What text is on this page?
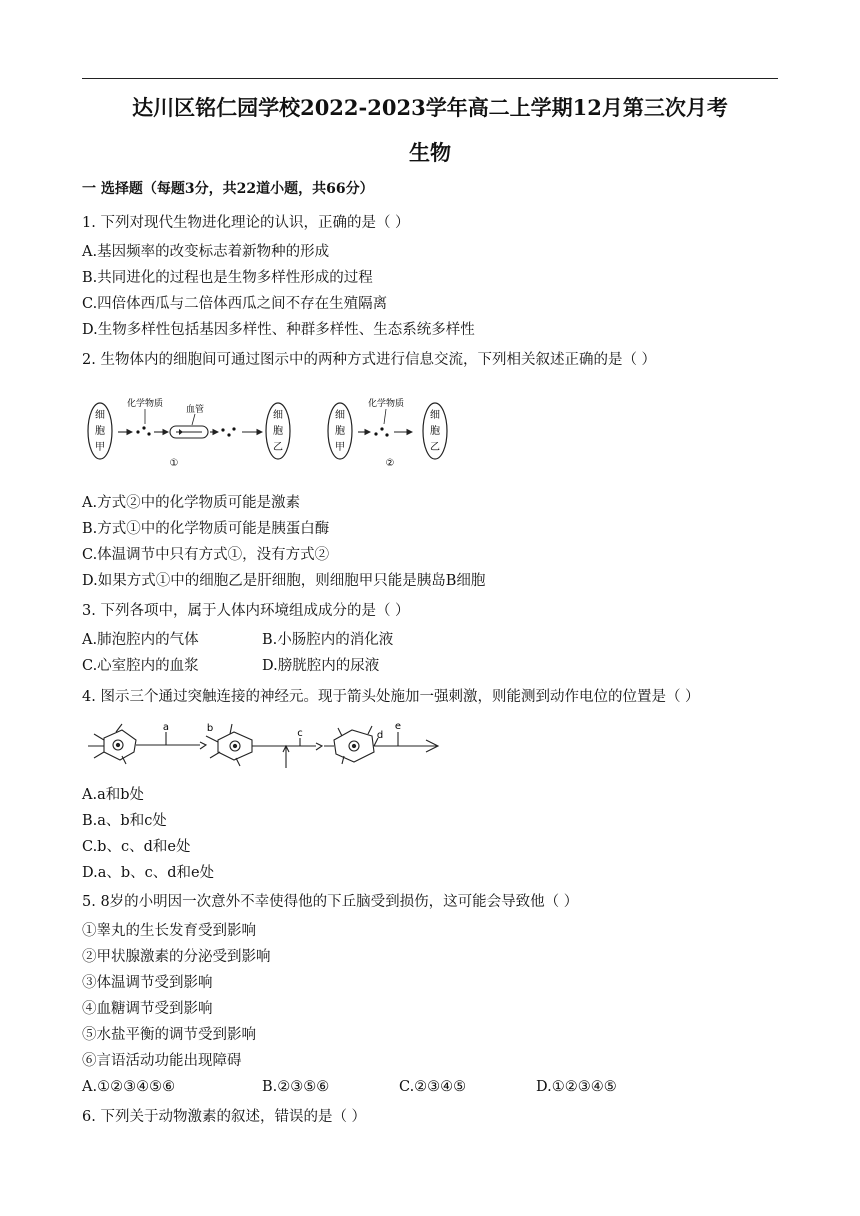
达川区铭仁园学校2022-2023学年高二上学期12月第三次月考
生物
一 选择题（每题3分，共22道小题，共66分）
1. 下列对现代生物进化理论的认识，正确的是（ ）
A.基因频率的改变标志着新物种的形成
B.共同进化的过程也是生物多样性形成的过程
C.四倍体西瓜与二倍体西瓜之间不存在生殖隔离
D.生物多样性包括基因多样性、种群多样性、生态系统多样性
2. 生物体内的细胞间可通过图示中的两种方式进行信息交流，下列相关叙述正确的是（ ）
细
胞
甲
化学物质
血管	细
胞
乙
①
细
胞
甲
化学物质
细
胞
乙
②
A.方式②中的化学物质可能是激素
B.方式①中的化学物质可能是胰蛋白酶
C.体温调节中只有方式①，没有方式②
D.如果方式①中的细胞乙是肝细胞，则细胞甲只能是胰岛B细胞
3. 下列各项中，属于人体内环境组成成分的是（ ）
A.肺泡腔内的气体	B.小肠腔内的消化液
C.心室腔内的血浆	D.膀胱腔内的尿液
4. 图示三个通过突触连接的神经元。现于箭头处施加一强刺激，则能测到动作电位的位置是（ ）
a	b	c	d
e
A.a和b处
B.a、b和c处
C.b、c、d和e处
D.a、b、c、d和e处
5. 8岁的小明因一次意外不幸使得他的下丘脑受到损伤，这可能会导致他（ ）
①睾丸的生长发育受到影响
②甲状腺激素的分泌受到影响
③体温调节受到影响
④血糖调节受到影响
⑤水盐平衡的调节受到影响
⑥言语活动功能出现障碍
A.①②③④⑤⑥	B.②③⑤⑥	C.②③④⑤	D.①②③④⑤
6. 下列关于动物激素的叙述，错误的是（ ）
